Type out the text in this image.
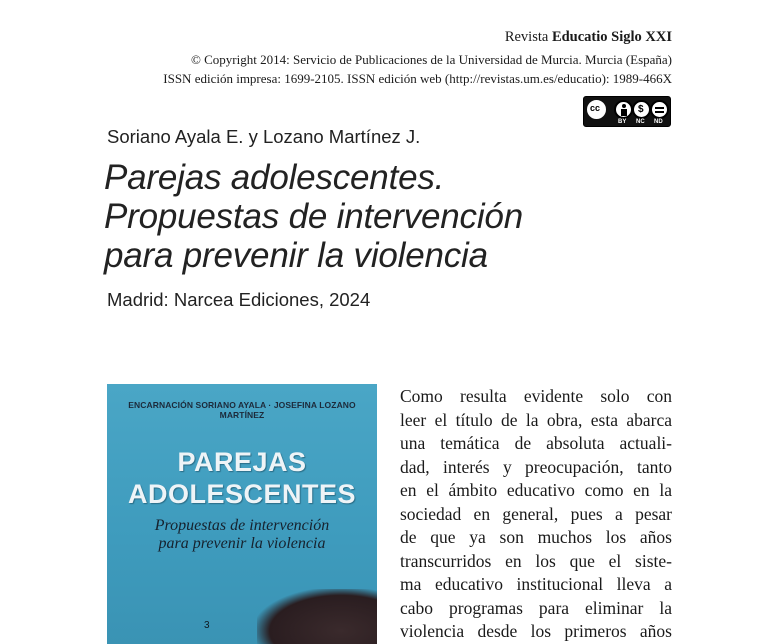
Revista Educatio Siglo XXI
© Copyright 2014: Servicio de Publicaciones de la Universidad de Murcia. Murcia (España)
ISSN edición impresa: 1699-2105. ISSN edición web (http://revistas.um.es/educatio): 1989-466X
cc	$
BY NC ND
Soriano Ayala E. y Lozano Martínez J.
Parejas adolescentes.
Propuestas de intervención
para prevenir la violencia
Madrid: Narcea Ediciones, 2024
ENCARNACIÓN SORIANO AYALA · JOSEFINA LOZANO MARTÍNEZ
PAREJAS
ADOLESCENTES
Propuestas de intervención
para prevenir la violencia
3

Como resulta evidente solo con
leer el título de la obra, esta abarca
una temática de absoluta actuali-
dad, interés y preocupación, tanto
en el ámbito educativo como en la
sociedad en general, pues a pesar
de que ya son muchos los años
transcurridos en los que el siste-
ma educativo institucional lleva a
cabo programas para eliminar la
violencia desde los primeros años
